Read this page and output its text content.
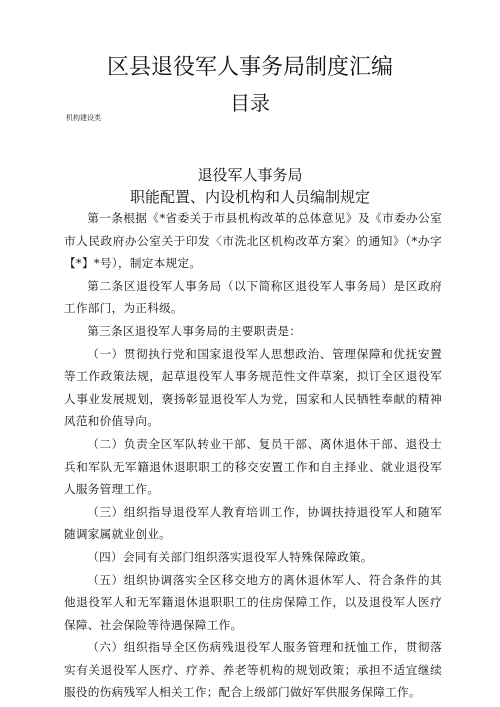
区县退役军人事务局制度汇编
目录
机构建设类
退役军人事务局
职能配置、内设机构和人员编制规定

第一条根据《*省委关于市县机构改革的总体意见》及《市委办公室市人民政府办公室关于印发〈市洗北区机构改革方案〉的通知》（*办字【*】*号），制定本规定。

第二条区退役军人事务局（以下简称区退役军人事务局）是区政府工作部门，为正科级。

第三条区退役军人事务局的主要职责是：

（一）贯彻执行党和国家退役军人思想政治、管理保障和优抚安置等工作政策法规，起草退役军人事务规范性文件草案，拟订全区退役军人事业发展规划，褒扬彰显退役军人为党，国家和人民牺牲奉献的精神风范和价值导向。

（二）负责全区军队转业干部、复员干部、离休退休干部、退役士兵和军队无军籍退休退职职工的移交安置工作和自主择业、就业退役军人服务管理工作。

（三）组织指导退役军人教育培训工作，协调扶持退役军人和随军随调家属就业创业。

（四）会同有关部门组织落实退役军人特殊保障政策。

（五）组织协调落实全区移交地方的离休退休军人、符合条件的其他退役军人和无军籍退休退职职工的住房保障工作，以及退役军人医疗保障、社会保险等待遇保障工作。

（六）组织指导全区伤病残退役军人服务管理和抚恤工作，贯彻落实有关退役军人医疗、疗养、养老等机构的规划政策；承担不适宜继续服役的伤病残军人相关工作；配合上级部门做好军供服务保障工作。
